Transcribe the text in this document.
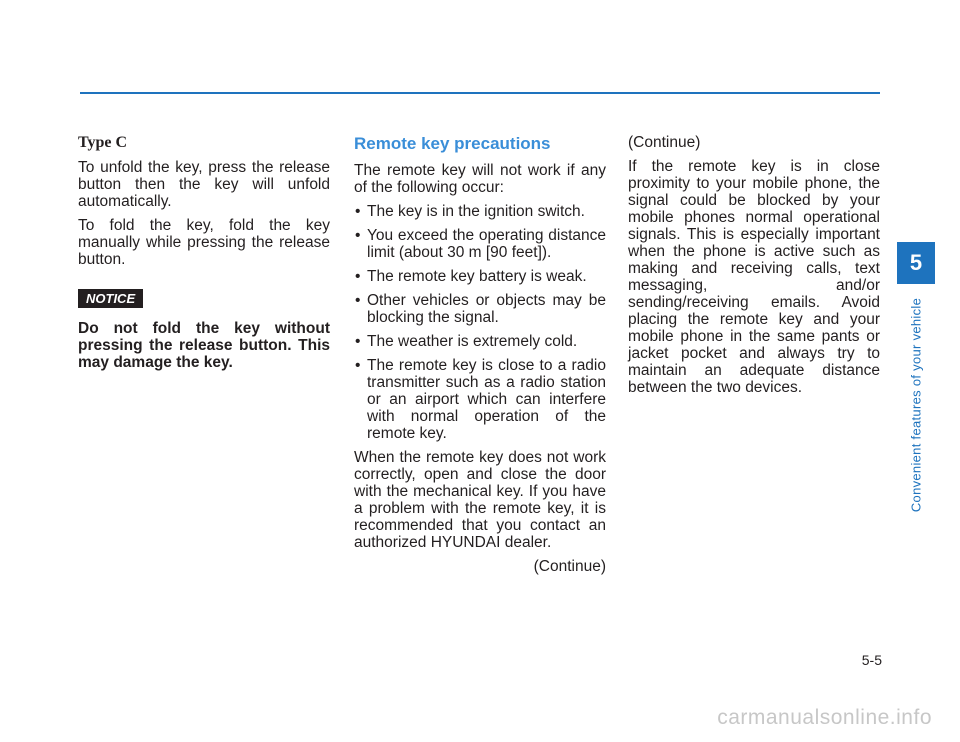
Type C

To unfold the key, press the release button then the key will unfold automatically.

To fold the key, fold the key manually while pressing the release button.

NOTICE
Do not fold the key without pressing the release button. This may damage the key.
Remote key precautions

The remote key will not work if any of the following occur:

• The key is in the ignition switch.
• You exceed the operating distance limit (about 30 m [90 feet]).
• The remote key battery is weak.
• Other vehicles or objects may be blocking the signal.
• The weather is extremely cold.
• The remote key is close to a radio transmitter such as a radio station or an airport which can interfere with normal operation of the remote key.

When the remote key does not work correctly, open and close the door with the mechanical key. If you have a problem with the remote key, it is recommended that you contact an authorized HYUNDAI dealer.

(Continue)

(Continue)

If the remote key is in close proximity to your mobile phone, the signal could be blocked by your mobile phones normal operational signals. This is especially important when the phone is active such as making and receiving calls, text messaging, and/or sending/receiving emails. Avoid placing the remote key and your mobile phone in the same pants or jacket pocket and always try to maintain an adequate distance between the two devices.

5
Convenient features of your vehicle
5-5
carmanualsonline.info
